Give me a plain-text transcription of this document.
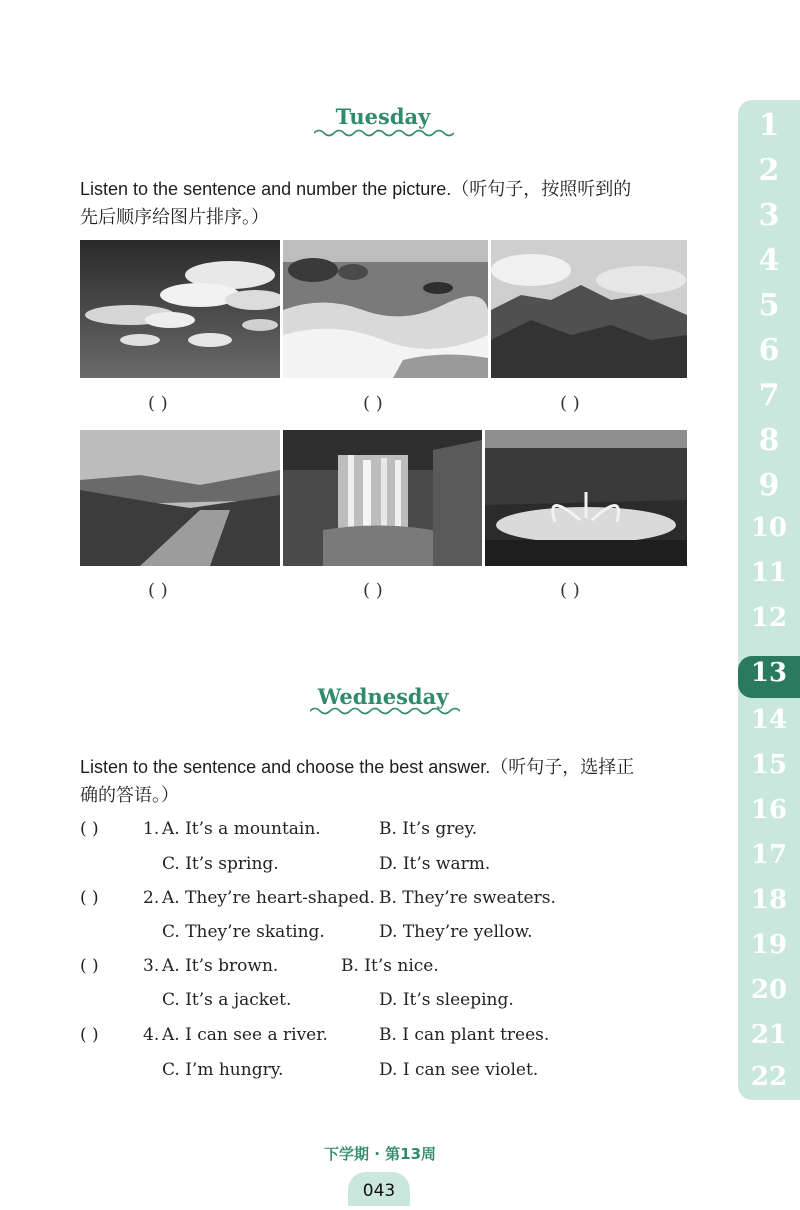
Tuesday
Listen to the sentence and number the picture.（听句子，按照听到的
先后顺序给图片排序。）
( )	( )	( )
( )	( )	( )
Wednesday
Listen to the sentence and choose the best answer.（听句子，选择正
确的答语。）
( )	1. A. It’s a mountain.	B. It’s grey.
C. It’s spring.	D. It’s warm.
( )	2. A. They’re heart-shaped. B. They’re sweaters.
C. They’re skating.	D. They’re yellow.
( )	3. A. It’s brown.	B. It’s nice.
C. It’s a jacket.	D. It’s sleeping.
( )	4. A. I can see a river.	B. I can plant trees.
C. I’m hungry.	D. I can see violet.
1
2
3
4
5
6
7
8
9
10
11
12
13
14
15
16
17
18
19
20
21
22
下学期 · 第13周
043
